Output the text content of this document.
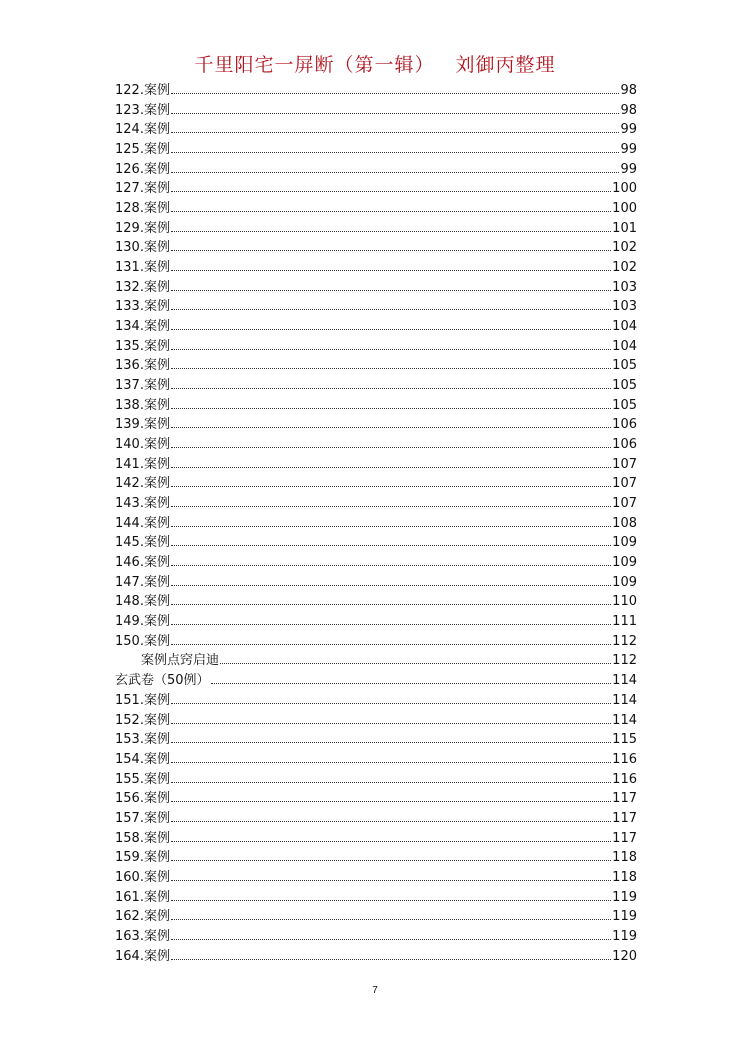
千里阳宅一屏断（第一辑）   刘御丙整理
122.案例	98
123.案例	98
124.案例	99
125.案例	99
126.案例	99
127.案例	100
128.案例	100
129.案例	101
130.案例	102
131.案例	102
132.案例	103
133.案例	103
134.案例	104
135.案例	104
136.案例	105
137.案例	105
138.案例	105
139.案例	106
140.案例	106
141.案例	107
142.案例	107
143.案例	107
144.案例	108
145.案例	109
146.案例	109
147.案例	109
148.案例	110
149.案例	111
150.案例	112
案例点窍启迪	112
玄武卷（50例）	114
151.案例	114
152.案例	114
153.案例	115
154.案例	116
155.案例	116
156.案例	117
157.案例	117
158.案例	117
159.案例	118
160.案例	118
161.案例	119
162.案例	119
163.案例	119
164.案例	120
7
